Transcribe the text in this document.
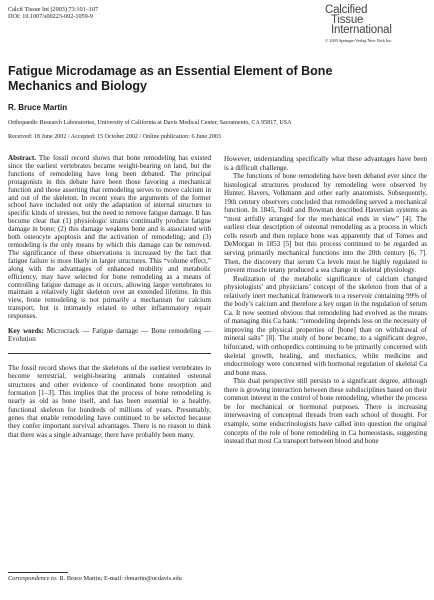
Calcif Tissue Int (2003) 73:101–107
DOI: 10.1007/s00223-002-1059-9
Calcified
Tissue
International
© 2003 Springer-Verlag New York Inc.
Fatigue Microdamage as an Essential Element of Bone Mechanics and Biology
R. Bruce Martin
Orthopaedic Research Laboratories, University of California at Davis Medical Center, Sacramento, CA 95817, USA
Received: 18 June 2002 / Accepted: 15 October 2002 / Online publication: 6 June 2003

Abstract. The fossil record shows that bone remodeling has existed since the earliest vertebrates became weight-bearing on land, but the functions of remodeling have long been debated. The principal protagonists in this debate have been those favoring a mechanical function and those asserting that remodeling serves to move calcium in and out of the skeleton. In recent years the arguments of the former school have included not only the adaptation of internal structure to specific kinds of stresses, but the need to remove fatigue damage. It has become clear that (1) physiologic strains continually produce fatigue damage in bone; (2) this damage weakens bone and is associated with both osteocyte apoptosis and the activation of remodeling; and (3) remodeling is the only means by which this damage can be removed. The significance of these observations is increased by the fact that fatigue failure is more likely in larger structures. This “volume effect,” along with the advantages of enhanced mobility and metabolic efficiency, may have selected for bone remodeling as a means of controlling fatigue damage as it occurs, allowing larger vertebrates to maintain a relatively light skeleton over an extended lifetime. In this view, bone remodeling is not primarily a mechanism for calcium transport, but is intimately related to other inflammatory repair responses.

Key words: Microcrack — Fatigue damage — Bone remodeling — Evolution

The fossil record shows that the skeletons of the earliest vertebrates to become terrestrial, weight-bearing animals contained osteonal structures and other evidence of coordinated bone resorption and formation [1–3]. This implies that the process of bone remodeling is nearly as old as bone itself, and has been essential to a healthy, functional skeleton for hundreds of millions of years. Presumably, genes that enable remodeling have continued to be selected because they confer important survival advantages. There is no reason to think that there was a single advantage; there have probably been many.

Correspondence to: R. Bruce Martin; E-mail: rbmartin@ucdavis.edu

However, understanding specifically what these advantages have been is a difficult challenge.

The functions of bone remodeling have been debated ever since the histological structures produced by remodeling were observed by Hunter, Havers, Volkmann and other early anatomists. Subsequently, 19th century observers concluded that remodeling served a mechanical function. In 1845, Todd and Bowman described Haversian systems as “most artfully arranged for the mechanical ends in view” [4]. The earliest clear description of osteonal remodeling as a process in which cells resorb and then replace bone was apparently that of Tomes and DeMorgan in 1853 [5] but this process continued to be regarded as serving primarily mechanical functions into the 20th century [6, 7]. Then, the discovery that serum Ca levels must be highly regulated to prevent muscle tetany produced a sea change in skeletal physiology.

Realization of the metabolic significance of calcium changed physiologists’ and physicians’ concept of the skeleton from that of a relatively inert mechanical framework to a reservoir containing 99% of the body’s calcium and therefore a key organ in the regulation of serum Ca. It now seemed obvious that remodeling had evolved as the means of managing this Ca bank: “remodeling depends less on the necessity of improving the physical properties of [bone] than on withdrawal of mineral salts” [8]. The study of bone became, to a significant degree, bifurcated, with orthopedics continuing to be primarily concerned with skeletal growth, healing, and mechanics, while medicine and endocrinology were concerned with hormonal regulation of skeletal Ca and bone mass.

This dual perspective still persists to a significant degree, although there is growing interaction between these subdisciplines based on their common interest in the control of bone remodeling, whether the process be for mechanical or hormonal purposes. There is increasing interweaving of conceptual threads from each school of thought. For example, some endocrinologists have called into question the original concepts of the role of bone remodeling in Ca homeostasis, suggesting instead that most Ca transport between blood and bone
